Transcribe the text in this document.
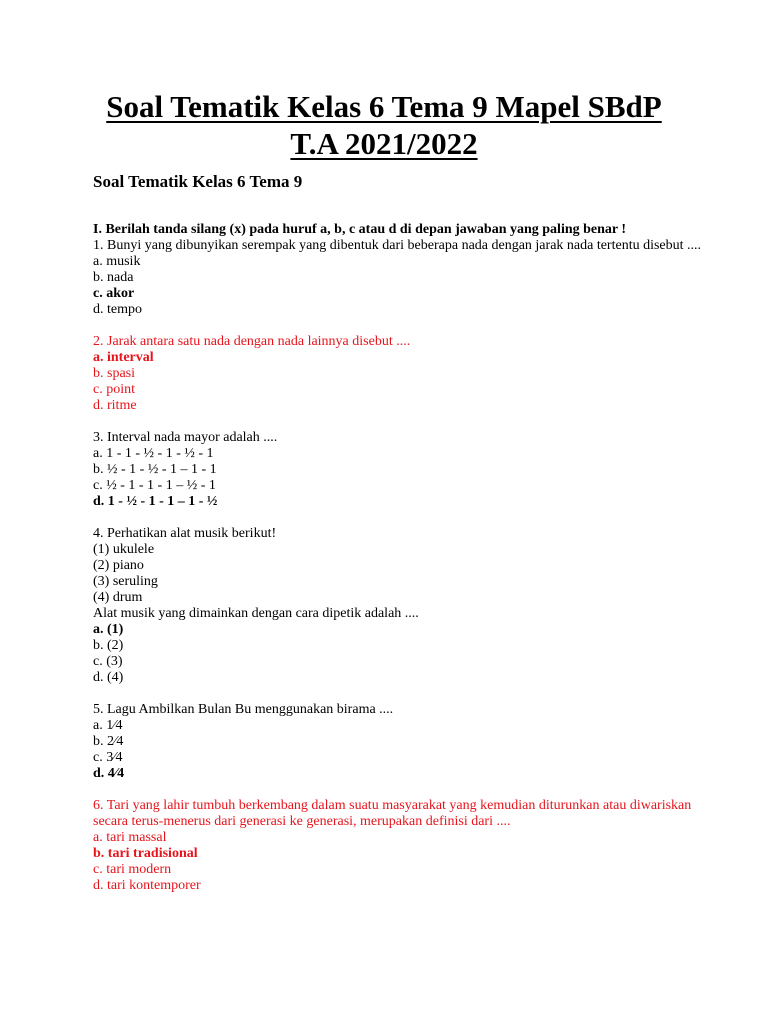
Soal Tematik Kelas 6 Tema 9 Mapel SBdP
T.A 2021/2022
Soal Tematik Kelas 6 Tema 9

I. Berilah tanda silang (x) pada huruf a, b, c atau d di depan jawaban yang paling benar !

1. Bunyi yang dibunyikan serempak yang dibentuk dari beberapa nada dengan jarak nada tertentu disebut ....

a. musik

b. nada

c. akor

d. tempo

2. Jarak antara satu nada dengan nada lainnya disebut ....

a. interval

b. spasi

c. point

d. ritme

3. Interval nada mayor adalah ....

a. 1 - 1 - ½ - 1 - ½ - 1

b. ½ - 1 - ½ - 1 – 1 - 1

c. ½ - 1 - 1 - 1 – ½ - 1

d. 1 - ½ - 1 - 1 – 1 - ½

4. Perhatikan alat musik berikut!

(1) ukulele

(2) piano

(3) seruling

(4) drum

Alat musik yang dimainkan dengan cara dipetik adalah ....

a. (1)

b. (2)

c. (3)

d. (4)

5. Lagu Ambilkan Bulan Bu menggunakan birama ....

a. 1⁄4

b. 2⁄4

c. 3⁄4

d. 4⁄4

6. Tari yang lahir tumbuh berkembang dalam suatu masyarakat yang kemudian diturunkan atau diwariskan secara terus-menerus dari generasi ke generasi, merupakan definisi dari ....

a. tari massal

b. tari tradisional

c. tari modern

d. tari kontemporer
